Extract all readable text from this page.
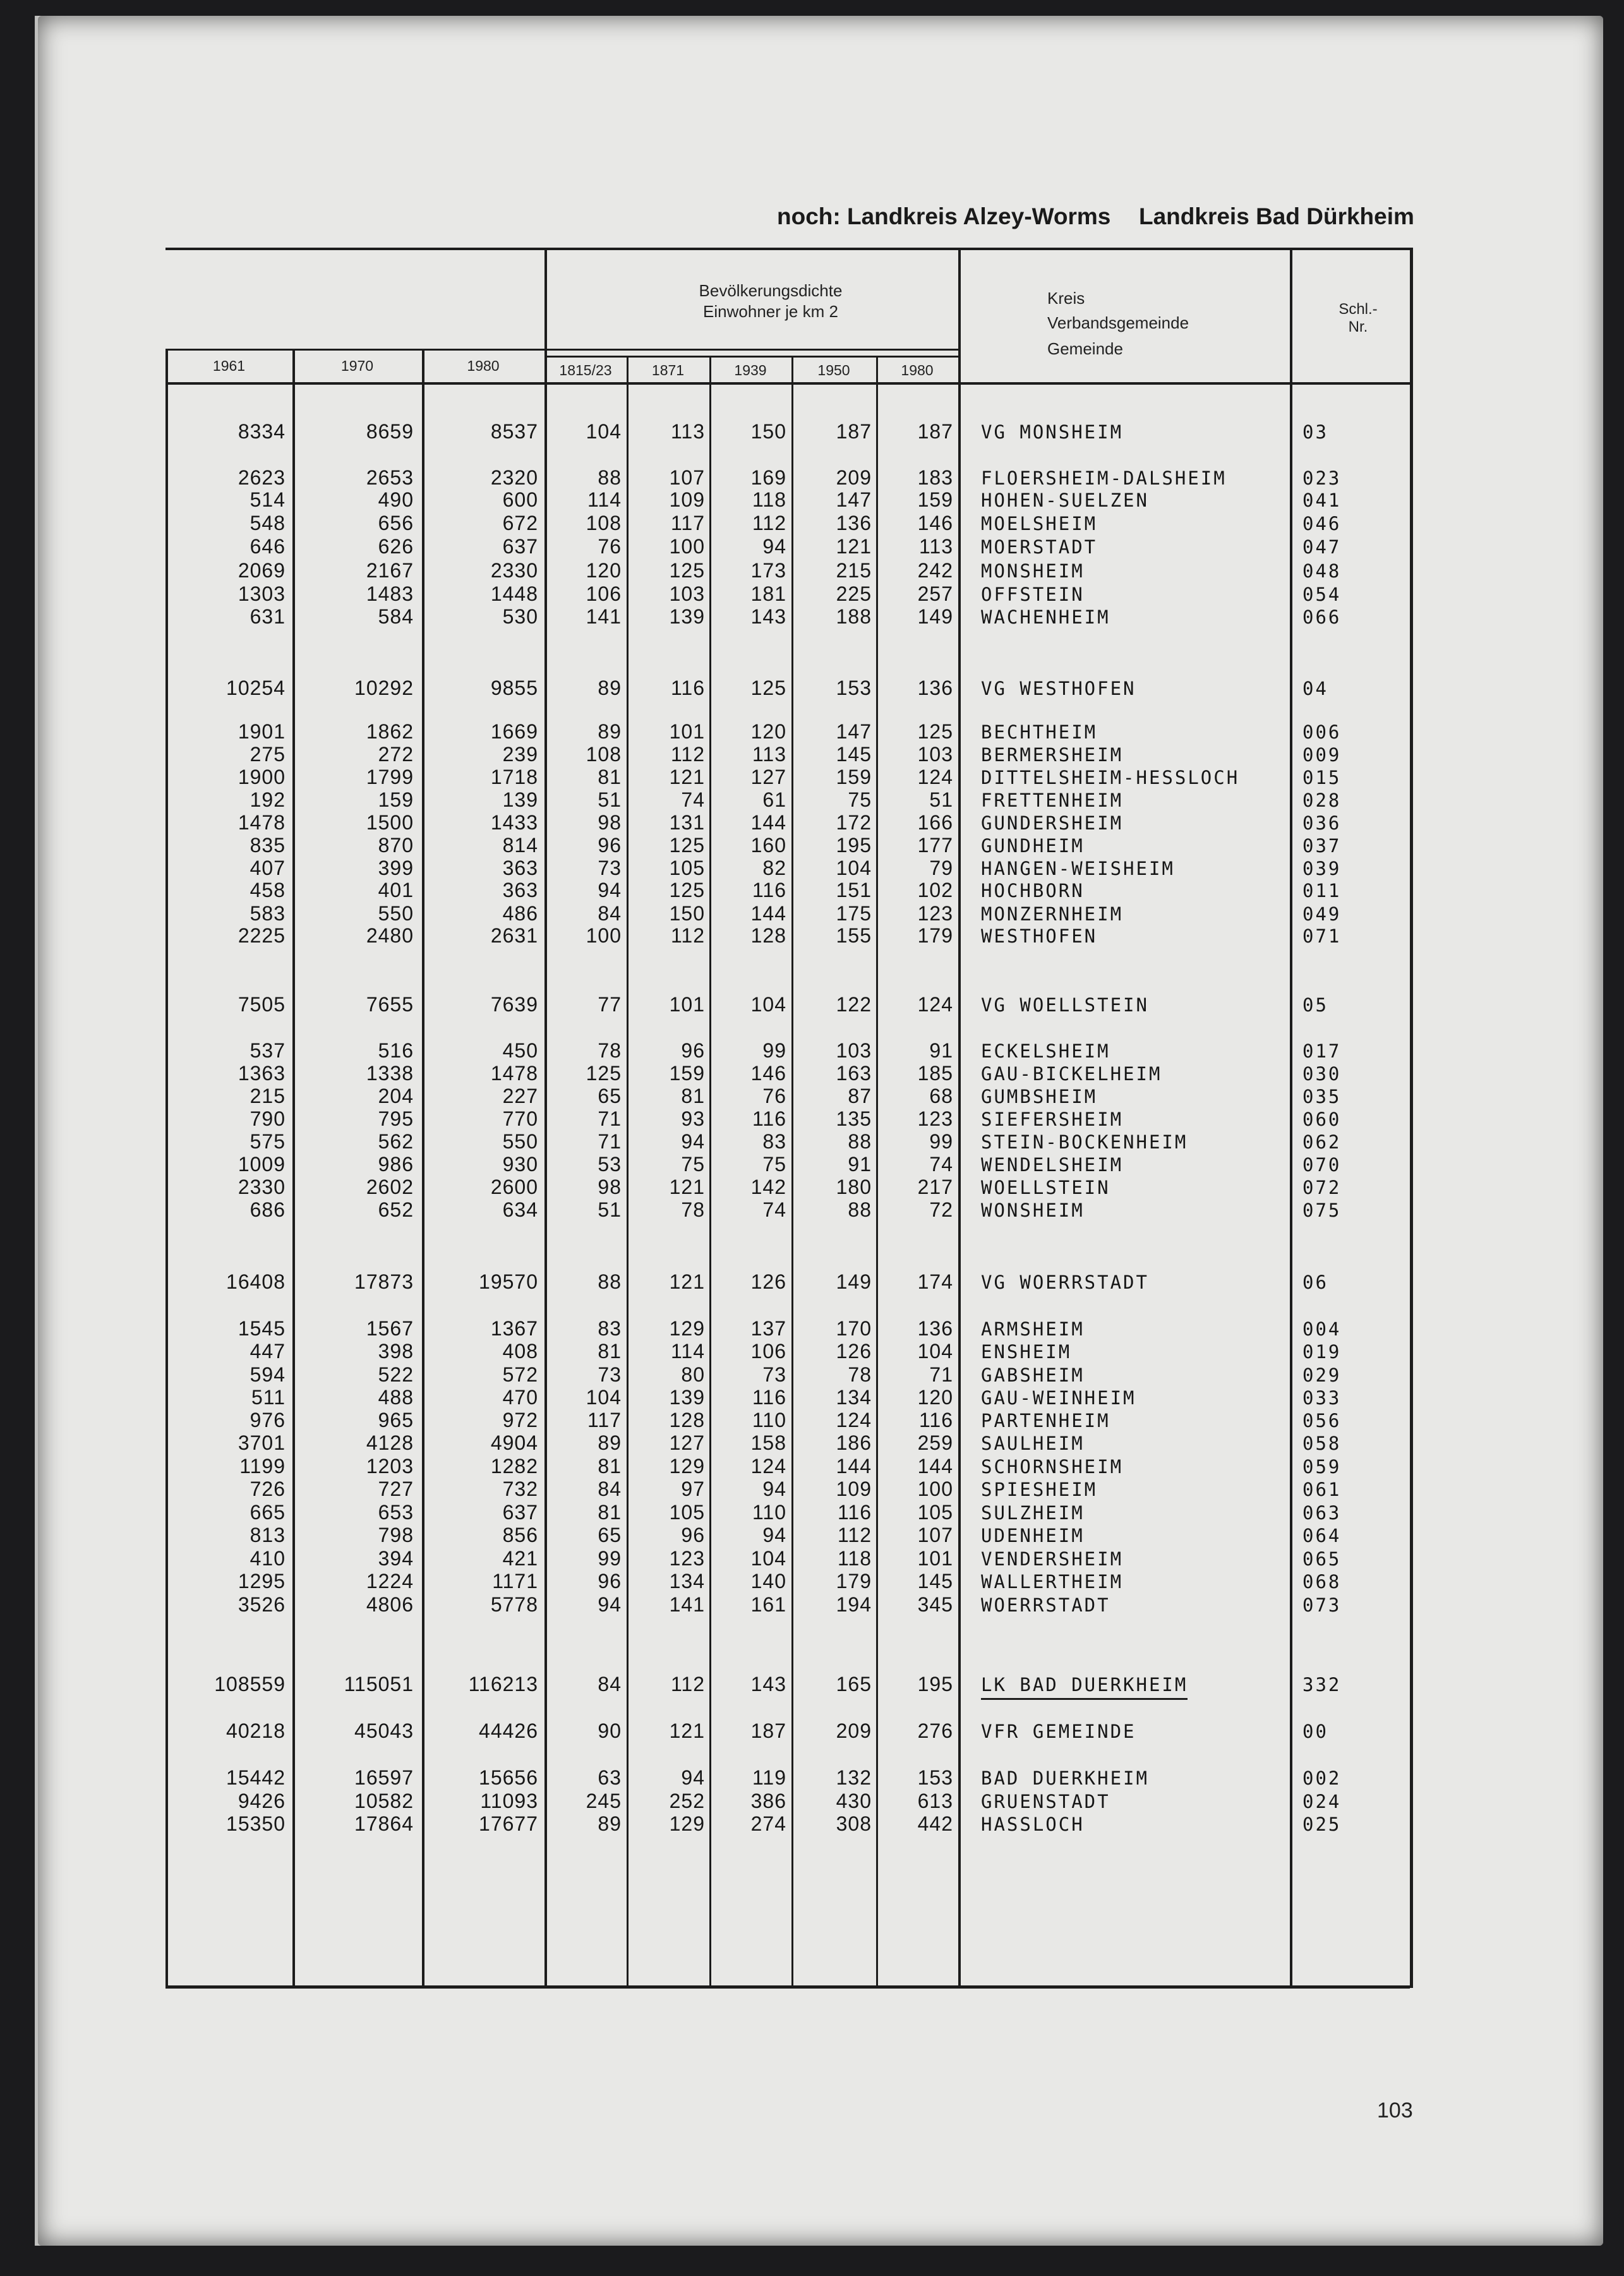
noch: Landkreis Alzey-Worms Landkreis Bad Dürkheim
Bevölkerungsdichte
Einwohner je km 2
Kreis
Verbandsgemeinde
Gemeinde
Schl.-
Nr.
1961	1970	1980	1815/23	1871	1939	1950	1980
8334	8659	8537 104 113 150 187 187 VG MONSHEIM	03
2623	2653	2320	88 107 169 209 183 FLOERSHEIM-DALSHEIM	023
514	490	600 114 109 118 147 159 HOHEN-SUELZEN	041
548	656	672 108 117 112 136 146 MOELSHEIM	046
646	626	637	76 100	94 121 113 MOERSTADT	047
2069	2167	2330 120 125 173 215 242 MONSHEIM	048
1303	1483	1448 106 103 181 225 257 OFFSTEIN	054
631	584	530 141 139 143 188 149 WACHENHEIM	066
10254	10292	9855	89 116 125 153 136 VG WESTHOFEN	04
1901	1862	1669	89 101 120 147 125 BECHTHEIM	006
275	272	239 108 112 113 145 103 BERMERSHEIM	009
1900	1799	1718	81 121 127 159 124 DITTELSHEIM-HESSLOCH	015
192	159	139	51	74	61	75	51 FRETTENHEIM	028
1478	1500	1433	98 131 144 172 166 GUNDERSHEIM	036
835	870	814	96 125 160 195 177 GUNDHEIM	037
407	399	363	73 105	82 104	79 HANGEN-WEISHEIM	039
458	401	363	94 125 116 151 102 HOCHBORN	011
583	550	486	84 150 144 175 123 MONZERNHEIM	049
2225	2480	2631 100 112 128 155 179 WESTHOFEN	071
7505	7655	7639	77 101 104 122 124 VG WOELLSTEIN	05
537	516	450	78	96	99 103	91 ECKELSHEIM	017
1363	1338	1478 125 159 146 163 185 GAU-BICKELHEIM	030
215	204	227	65	81	76	87	68 GUMBSHEIM	035
790	795	770	71	93 116 135 123 SIEFERSHEIM	060
575	562	550	71	94	83	88	99 STEIN-BOCKENHEIM	062
1009	986	930	53	75	75	91	74 WENDELSHEIM	070
2330	2602	2600	98 121 142 180 217 WOELLSTEIN	072
686	652	634	51	78	74	88	72 WONSHEIM	075
16408	17873	19570	88 121 126 149 174 VG WOERRSTADT	06
1545	1567	1367	83 129 137 170 136 ARMSHEIM	004
447	398	408	81 114 106 126 104 ENSHEIM	019
594	522	572	73	80	73	78	71 GABSHEIM	029
511	488	470 104 139 116 134 120 GAU-WEINHEIM	033
976	965	972 117 128 110 124 116 PARTENHEIM	056
3701	4128	4904	89 127 158 186 259 SAULHEIM	058
1199	1203	1282	81 129 124 144 144 SCHORNSHEIM	059
726	727	732	84	97	94 109 100 SPIESHEIM	061
665	653	637	81 105 110	116 105 SULZHEIM	063
813	798	856	65	96	94	112 107 UDENHEIM	064
410	394	421	99 123 104	118 101 VENDERSHEIM	065
1295	1224	1171	96 134 140 179 145 WALLERTHEIM	068
3526	4806	5778	94 141 161 194 345 WOERRSTADT	073
108559	115051	116213	84 112 143 165 195 LK BAD DUERKHEIM	332
40218	45043	44426	90 121 187 209 276 VFR GEMEINDE	00
15442	16597	15656	63	94 119 132 153 BAD DUERKHEIM	002
9426	10582	11093 245 252 386 430 613 GRUENSTADT	024
15350	17864	17677	89 129 274 308 442 HASSLOCH	025
103
